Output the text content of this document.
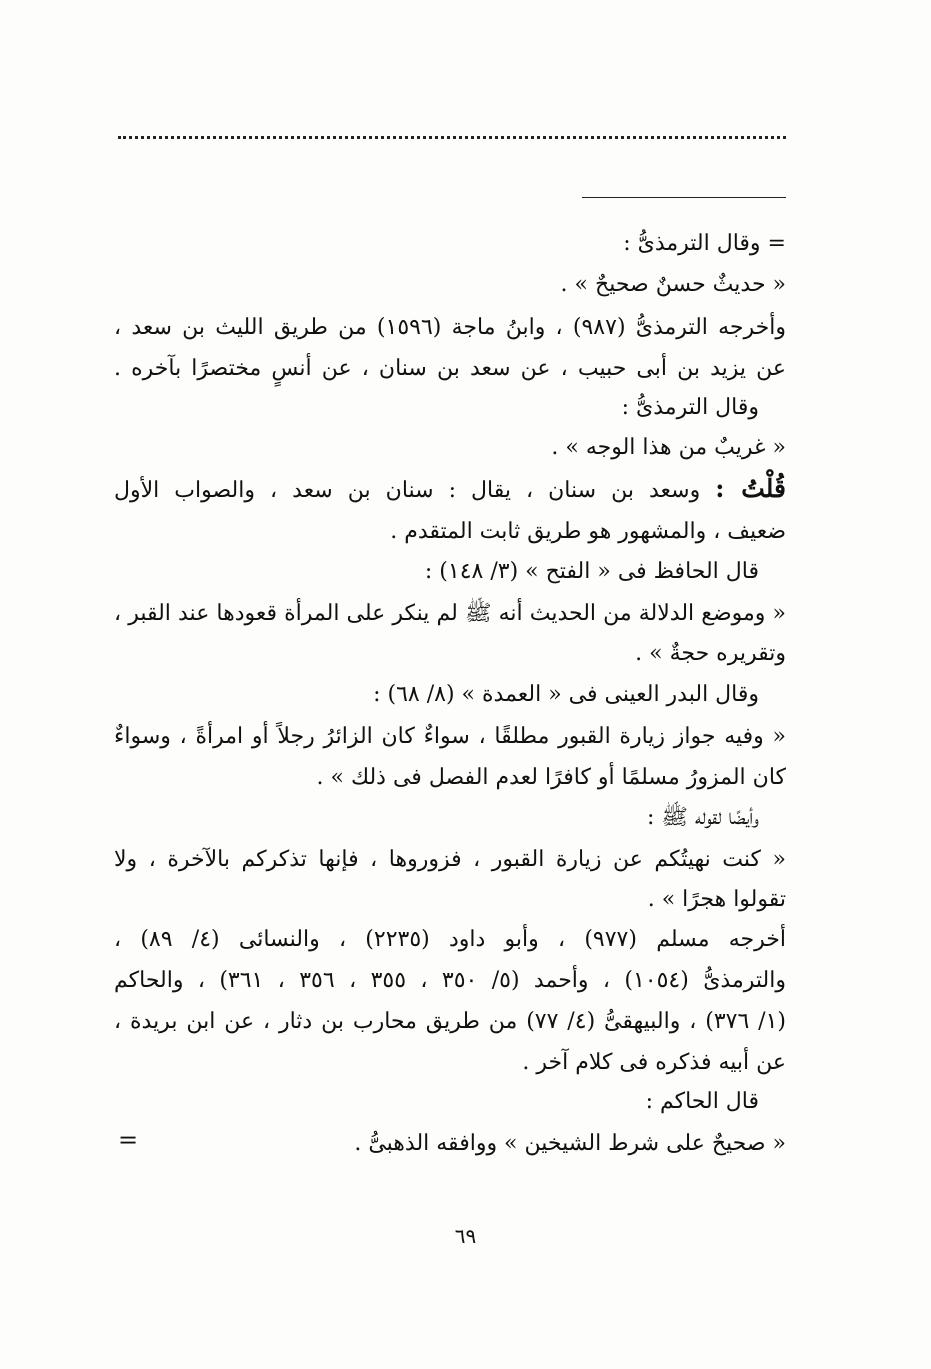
= وقال الترمذىُّ :
« حديثٌ حسنٌ صحيحٌ » .
وأخرجه الترمذىُّ (٩٨٧) ، وابنُ ماجة (١٥٩٦) من طريق الليث بن سعد ،
عن يزيد بن أبى حبيب ، عن سعد بن سنان ، عن أنسٍ مختصرًا بآخره .
وقال الترمذىُّ :
« غريبٌ من هذا الوجه » .
قُلْتُ : وسعد بن سنان ، يقال : سنان بن سعد ، والصواب الأول
ضعيف ، والمشهور هو طريق ثابت المتقدم .
قال الحافظ فى « الفتح » (٣/ ١٤٨) :
« وموضع الدلالة من الحديث أنه ﷺ لم ينكر على المرأة قعودها عند القبر ،
وتقريره حجةٌ » .
وقال البدر العينى فى « العمدة » (٨/ ٦٨) :
« وفيه جواز زيارة القبور مطلقًا ، سواءٌ كان الزائرُ رجلاً أو امرأةً ، وسواءٌ
كان المزورُ مسلمًا أو كافرًا لعدم الفصل فى ذلك » .
وأيضًا لقوله ﷺ :
« كنت نهيتُكم عن زيارة القبور ، فزوروها ، فإنها تذكركم بالآخرة ، ولا
تقولوا هجرًا » .
أخرجه مسلم (٩٧٧) ، وأبو داود (٢٢٣٥) ، والنسائى (٤/ ٨٩) ،
والترمذىُّ (١٠٥٤) ، وأحمد (٥/ ٣٥٠ ، ٣٥٥ ، ٣٥٦ ، ٣٦١) ، والحاكم
(١/ ٣٧٦) ، والبيهقىُّ (٤/ ٧٧) من طريق محارب بن دثار ، عن ابن بريدة ،
عن أبيه فذكره فى كلام آخر .
قال الحاكم :
« صحيحٌ على شرط الشيخين » ووافقه الذهبىُّ .
=
٦٩
